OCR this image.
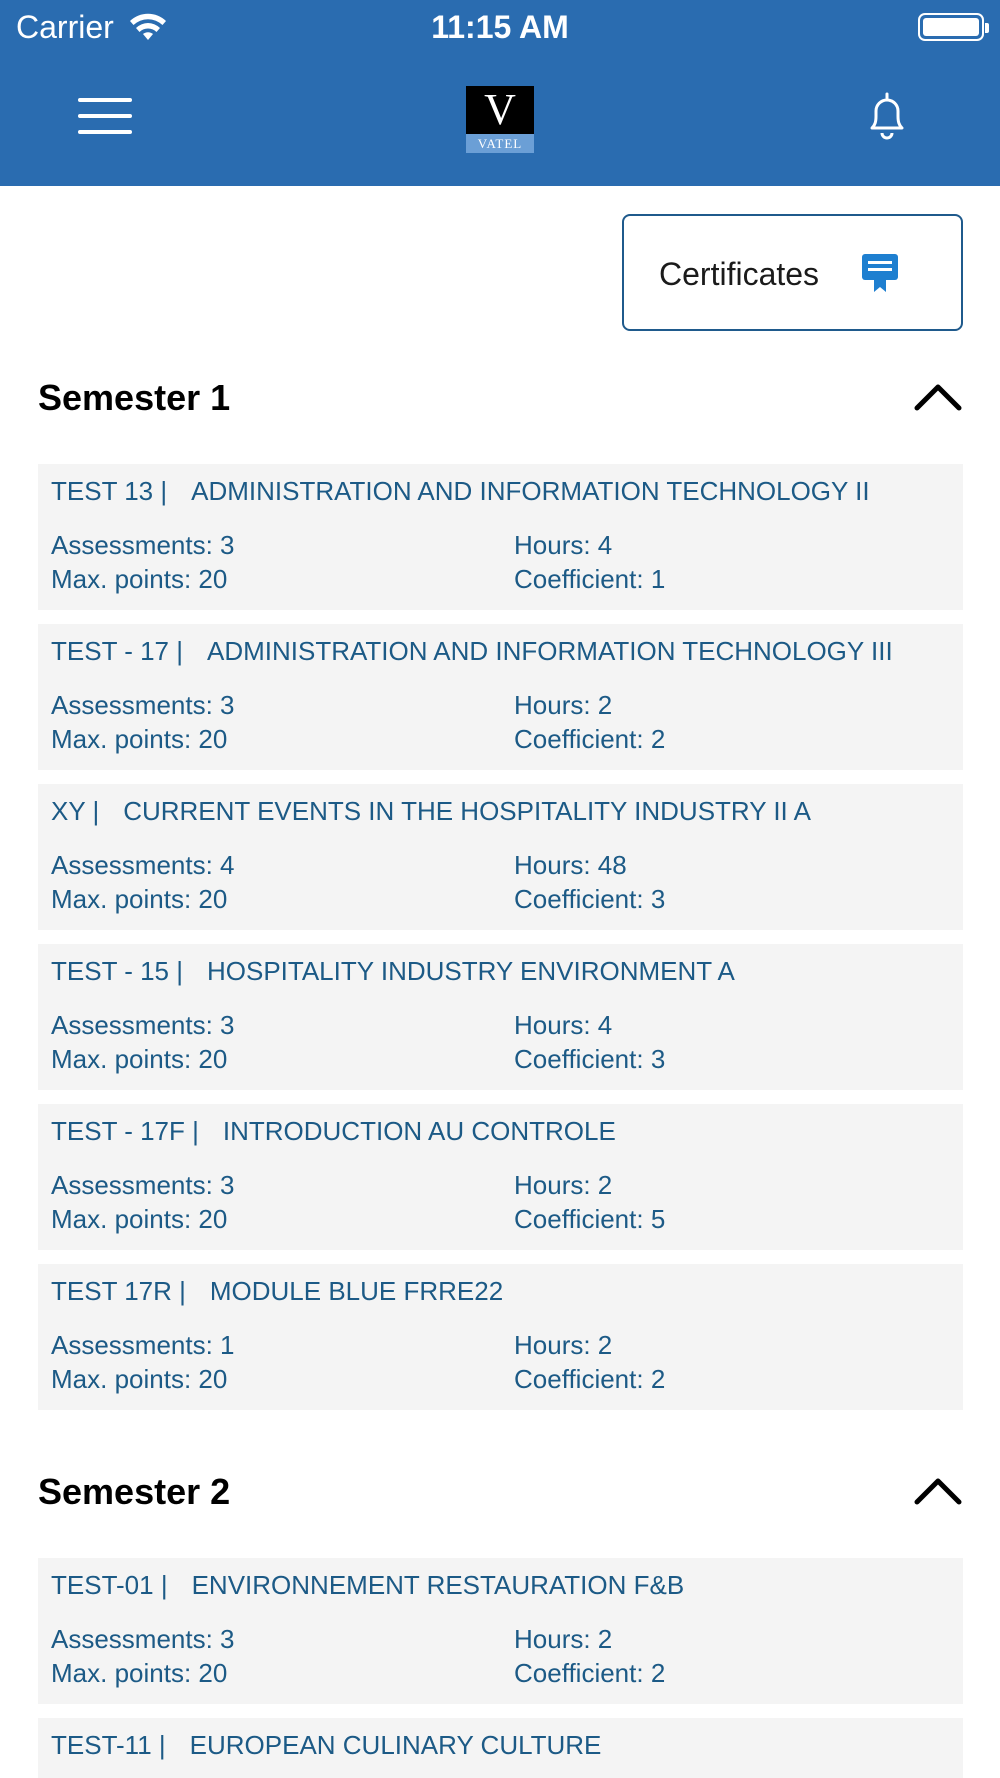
Carrier	11:15 AM
V
VATEL
Certificates
Semester 1
TEST 13 | ADMINISTRATION AND INFORMATION TECHNOLOGY II
Assessments: 3	Hours: 4
Max. points: 20	Coefficient: 1
TEST - 17 | ADMINISTRATION AND INFORMATION TECHNOLOGY III
Assessments: 3	Hours: 2
Max. points: 20	Coefficient: 2
XY | CURRENT EVENTS IN THE HOSPITALITY INDUSTRY II A
Assessments: 4	Hours: 48
Max. points: 20	Coefficient: 3
TEST - 15 | HOSPITALITY INDUSTRY ENVIRONMENT A
Assessments: 3	Hours: 4
Max. points: 20	Coefficient: 3
TEST - 17F | INTRODUCTION AU CONTROLE
Assessments: 3	Hours: 2
Max. points: 20	Coefficient: 5
TEST 17R | MODULE BLUE FRRE22
Assessments: 1	Hours: 2
Max. points: 20	Coefficient: 2
Semester 2
TEST-01 | ENVIRONNEMENT RESTAURATION F&B
Assessments: 3	Hours: 2
Max. points: 20	Coefficient: 2
TEST-11 | EUROPEAN CULINARY CULTURE
